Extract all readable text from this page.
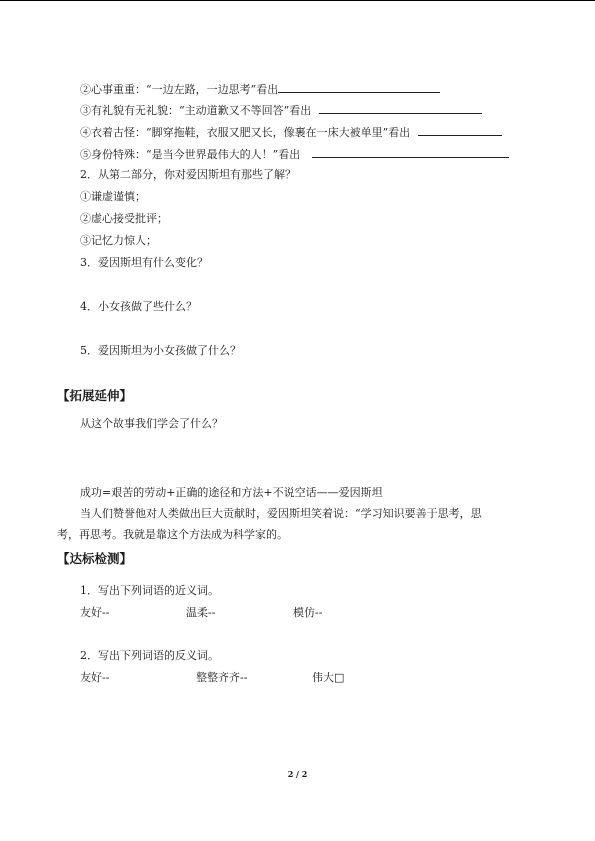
②心事重重：“一边左路，一边思考”看出
③有礼貌有无礼貌：“主动道歉又不等回答”看出
④衣着古怪：“脚穿拖鞋，衣服又肥又长，像裹在一床大被单里”看出
⑤身份特殊：“是当今世界最伟大的人！”看出
2．从第二部分，你对爱因斯坦有那些了解？
①谦虚谨慎；
②虚心接受批评；
③记忆力惊人；
3．爱因斯坦有什么变化？
4．小女孩做了些什么？
5．爱因斯坦为小女孩做了什么？
【拓展延伸】
从这个故事我们学会了什么？
成功=艰苦的劳动+正确的途径和方法+不说空话——爱因斯坦
当人们赞誉他对人类做出巨大贡献时，爱因斯坦笑着说：“学习知识要善于思考，思
考，再思考。我就是靠这个方法成为科学家的。
【达标检测】
1．写出下列词语的近义词。
友好--	温柔--	模仿--
2．写出下列词语的反义词。
友好--	整整齐齐--	伟大□
2 / 2
